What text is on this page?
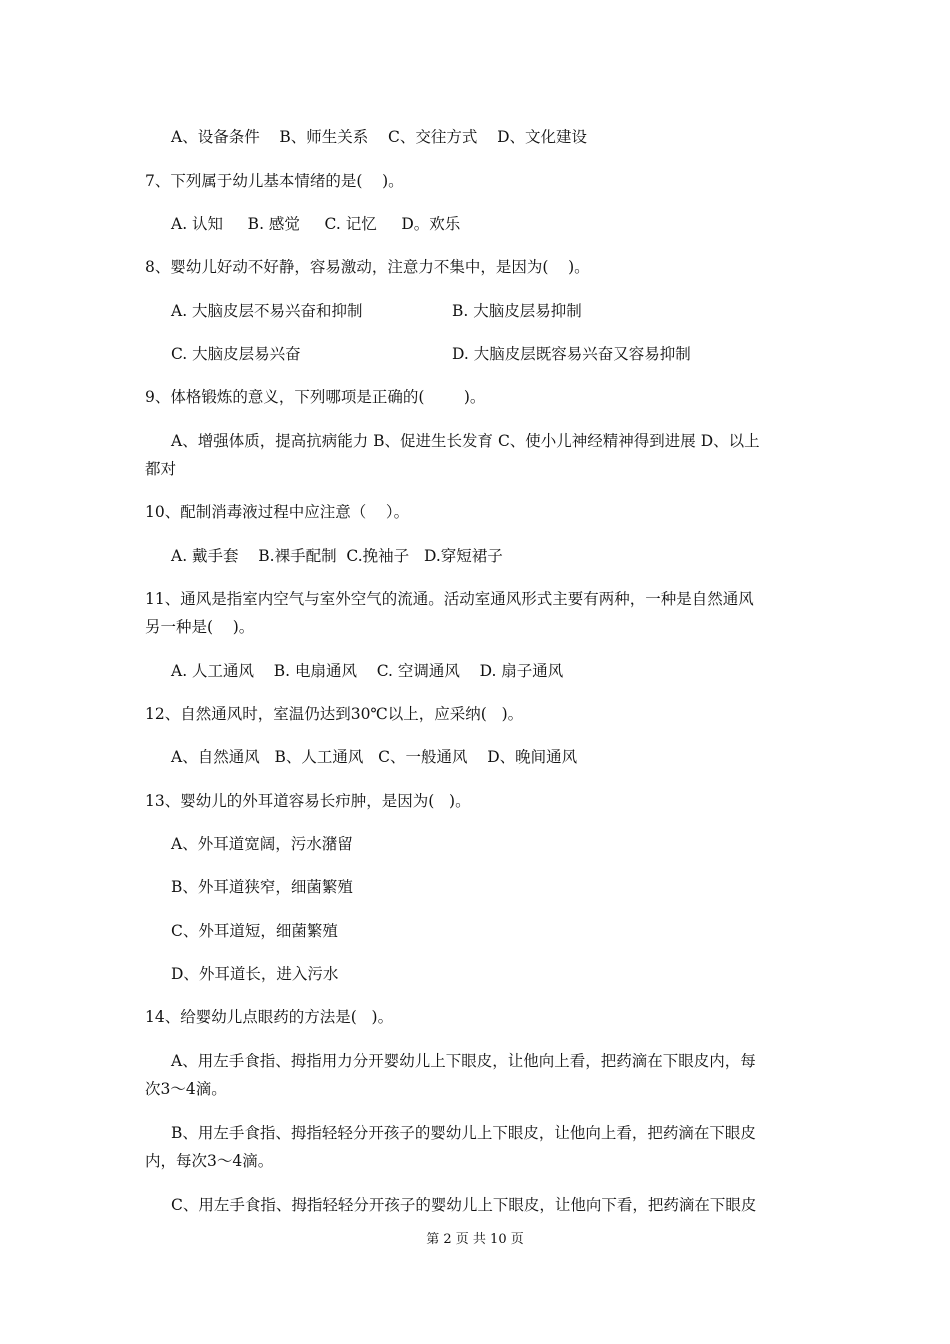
A、设备条件    B、师生关系    C、交往方式    D、文化建设
7、下列属于幼儿基本情绪的是(    )。
A. 认知     B. 感觉     C. 记忆     D。欢乐
8、婴幼儿好动不好静，容易激动，注意力不集中，是因为(    )。
A. 大脑皮层不易兴奋和抑制	B. 大脑皮层易抑制
C. 大脑皮层易兴奋	D. 大脑皮层既容易兴奋又容易抑制
9、体格锻炼的意义，下列哪项是正确的(        )。
A、增强体质，提高抗病能力 B、促进生长发育 C、使小儿神经精神得到进展 D、以上
都对
10、配制消毒液过程中应注意（    ）。
A. 戴手套    B.裸手配制  C.挽袖子   D.穿短裙子
11、通风是指室内空气与室外空气的流通。活动室通风形式主要有两种，一种是自然通风
另一种是(    )。
A. 人工通风    B. 电扇通风    C. 空调通风    D. 扇子通风
12、自然通风时，室温仍达到30℃以上，应采纳(   )。
A、自然通风   B、人工通风   C、一般通风    D、晚间通风
13、婴幼儿的外耳道容易长疖肿，是因为(   )。
A、外耳道宽阔，污水潴留
B、外耳道狭窄，细菌繁殖
C、外耳道短，细菌繁殖
D、外耳道长，进入污水
14、给婴幼儿点眼药的方法是(   )。
A、用左手食指、拇指用力分开婴幼儿上下眼皮，让他向上看，把药滴在下眼皮内，每
次3～4滴。
B、用左手食指、拇指轻轻分开孩子的婴幼儿上下眼皮，让他向上看，把药滴在下眼皮
内，每次3～4滴。
C、用左手食指、拇指轻轻分开孩子的婴幼儿上下眼皮，让他向下看，把药滴在下眼皮
第 2 页 共 10 页
